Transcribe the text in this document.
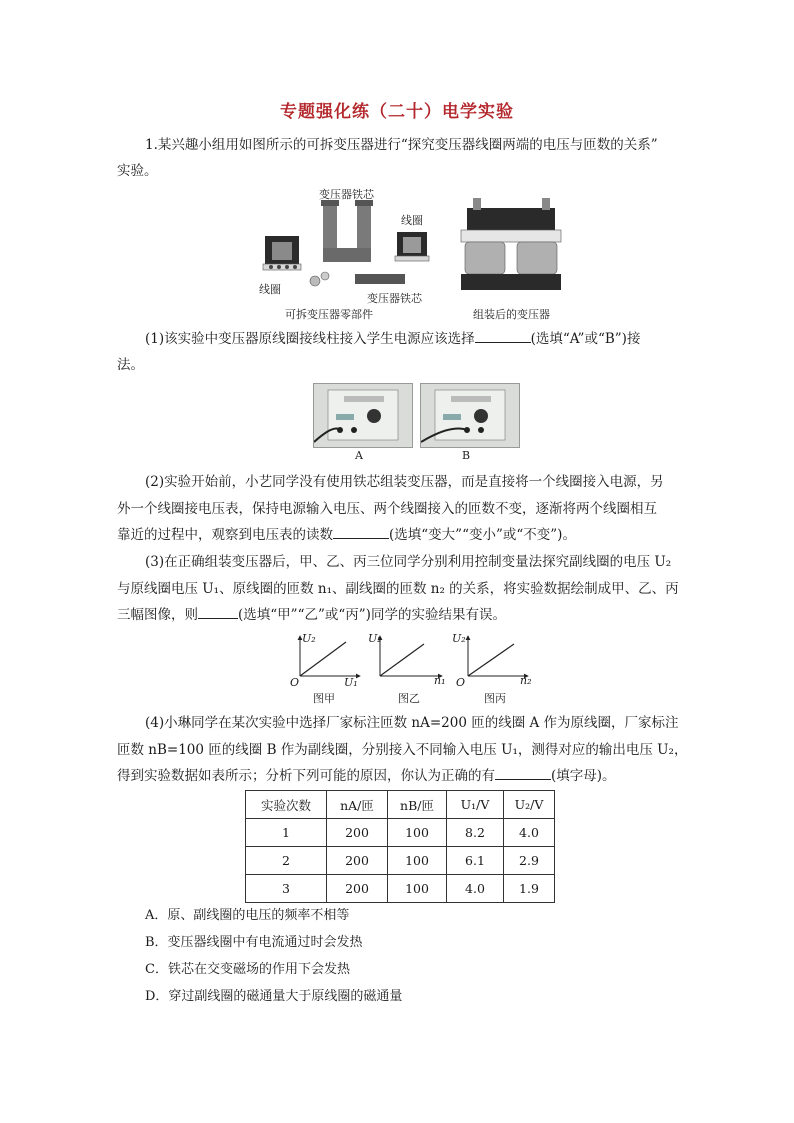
专题强化练（二十）电学实验
1.某兴趣小组用如图所示的可拆变压器进行“探究变压器线圈两端的电压与匝数的关系”
实验。
变压器铁芯
线圈
线圈
变压器铁芯
可拆变压器零部件	组装后的变压器
(1)该实验中变压器原线圈接线柱接入学生电源应该选择	(选填“A”或“B”)接
法。
A	B
(2)实验开始前，小艺同学没有使用铁芯组装变压器，而是直接将一个线圈接入电源，另
外一个线圈接电压表，保持电源输入电压、两个线圈接入的匝数不变，逐渐将两个线圈相互
靠近的过程中，观察到电压表的读数	(选填“变大”“变小”或“不变”)。
(3)在正确组装变压器后，甲、乙、丙三位同学分别利用控制变量法探究副线圈的电压 U₂
与原线圈电压 U₁、原线圈的匝数 n₁、副线圈的匝数 n₂ 的关系，将实验数据绘制成甲、乙、丙
三幅图像，则	(选填“甲”“乙”或“丙”)同学的实验结果有误。
U₂
O	U₁
图甲
U₂
n₁
图乙
U₂
O	n₂
图丙
(4)小琳同学在某次实验中选择厂家标注匝数 nA=200 匝的线圈 A 作为原线圈，厂家标注
匝数 nB=100 匝的线圈 B 作为副线圈，分别接入不同输入电压 U₁，测得对应的输出电压 U₂，
得到实验数据如表所示；分析下列可能的原因，你认为正确的有	(填字母)。
实验次数	nA/匝	nB/匝	U₁/V	U₂/V
1	200	100	8.2	4.0
2	200	100	6.1	2.9
3	200	100	4.0	1.9
A．原、副线圈的电压的频率不相等
B．变压器线圈中有电流通过时会发热
C．铁芯在交变磁场的作用下会发热
D．穿过副线圈的磁通量大于原线圈的磁通量
